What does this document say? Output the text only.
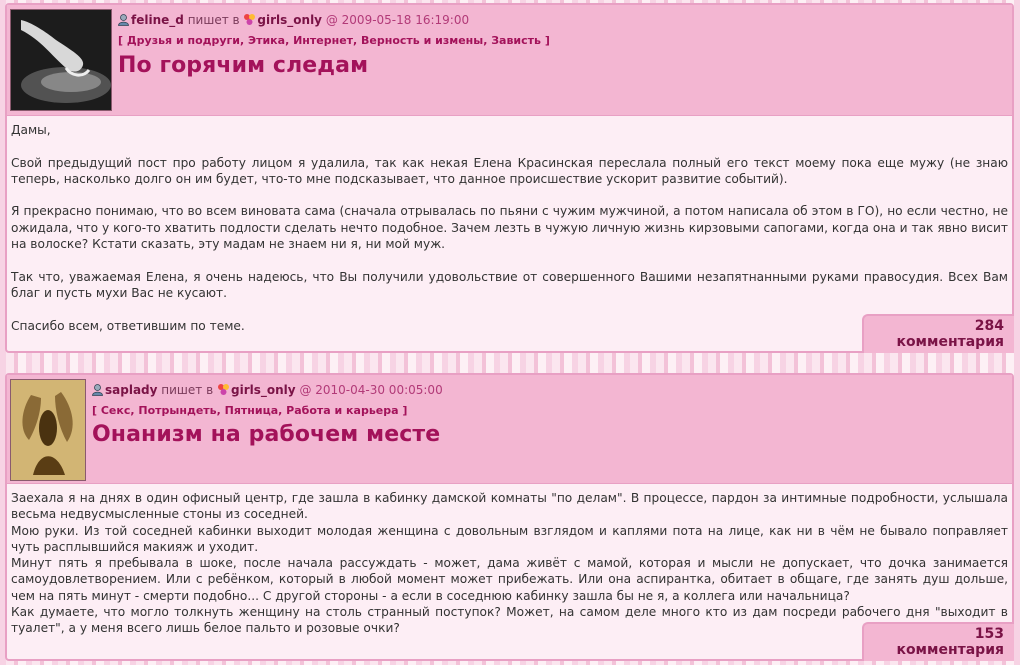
feline_d пишет в girls_only @ 2009-05-18 16:19:00
[ Друзья и подруги, Этика, Интернет, Верность и измены, Зависть ]
По горячим следам

Дамы,

Свой предыдущий пост про работу лицом я удалила, так как некая Елена Красинская переслала полный его текст моему пока еще мужу (не знаю теперь, насколько долго он им будет, что-то мне подсказывает, что данное происшествие ускорит развитие событий).

Я прекрасно понимаю, что во всем виновата сама (сначала отрывалась по пьяни с чужим мужчиной, а потом написала об этом в ГО), но если честно, не ожидала, что у кого-то хватить подлости сделать нечто подобное. Зачем лезть в чужую личную жизнь кирзовыми сапогами, когда она и так явно висит на волоске? Кстати сказать, эту мадам не знаем ни я, ни мой муж.

Так что, уважаемая Елена, я очень надеюсь, что Вы получили удовольствие от совершенного Вашими незапятнанными руками правосудия. Всех Вам благ и пусть мухи Вас не кусают.

Спасибо всем, ответившим по теме.	284 комментария
saplady пишет в girls_only @ 2010-04-30 00:05:00
[ Секс, Потрындеть, Пятница, Работа и карьера ]
Онанизм на рабочем месте

Заехала я на днях в один офисный центр, где зашла в кабинку дамской комнаты "по делам". В процессе, пардон за интимные подробности, услышала весьма недвусмысленные стоны из соседней.

Мою руки. Из той соседней кабинки выходит молодая женщина с довольным взглядом и каплями пота на лице, как ни в чём не бывало поправляет чуть расплывшийся макияж и уходит.

Минут пять я пребывала в шоке, после начала рассуждать - может, дама живёт с мамой, которая и мысли не допускает, что дочка занимается самоудовлетворением. Или с ребёнком, который в любой момент может прибежать. Или она аспирантка, обитает в общаге, где занять душ дольше, чем на пять минут - смерти подобно... С другой стороны - а если в соседнюю кабинку зашла бы не я, а коллега или начальница?

Как думаете, что могло толкнуть женщину на столь странный поступок? Может, на самом деле много кто из дам посреди рабочего дня "выходит в туалет", а у меня всего лишь белое пальто и розовые очки?	153 комментария
